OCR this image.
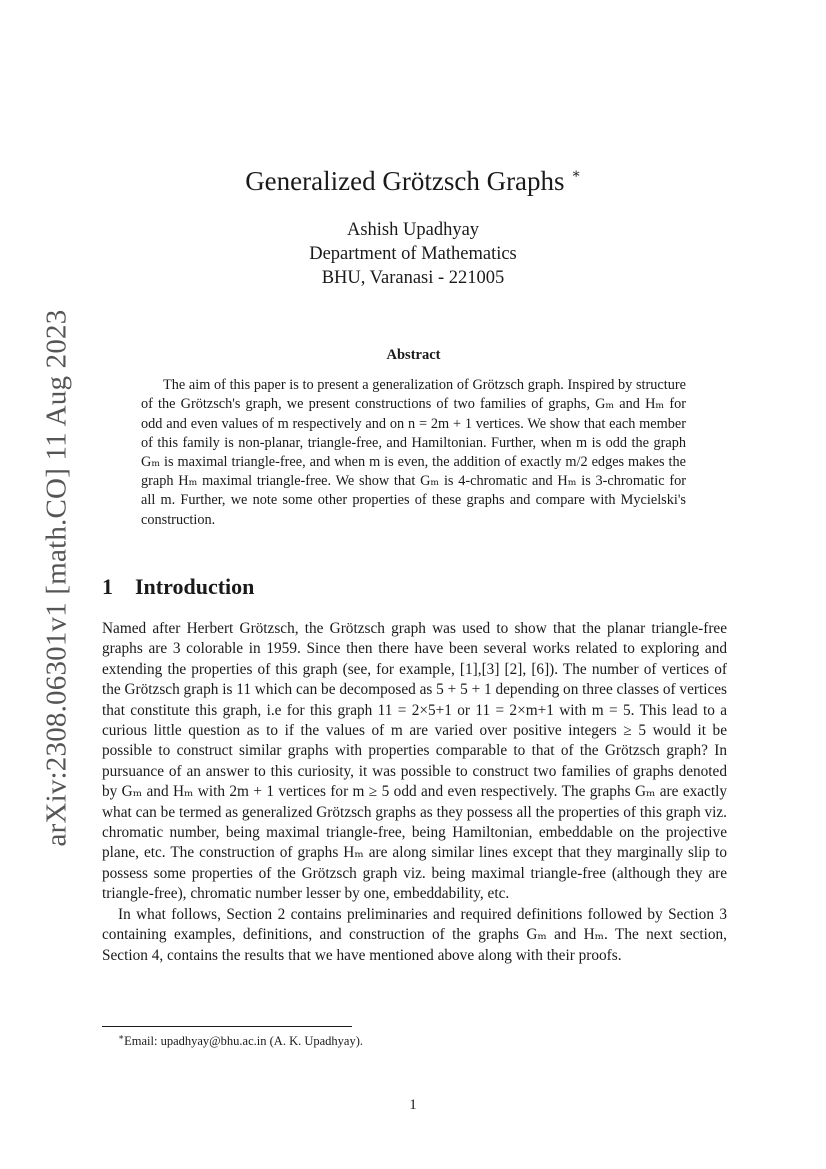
arXiv:2308.06301v1 [math.CO] 11 Aug 2023
Generalized Grötzsch Graphs ∗
Ashish Upadhyay
Department of Mathematics
BHU, Varanasi - 221005
Abstract

The aim of this paper is to present a generalization of Grötzsch graph. Inspired by structure of the Grötzsch's graph, we present constructions of two families of graphs, Gₘ and Hₘ for odd and even values of m respectively and on n = 2m + 1 vertices. We show that each member of this family is non-planar, triangle-free, and Hamiltonian. Further, when m is odd the graph Gₘ is maximal triangle-free, and when m is even, the addition of exactly m/2 edges makes the graph Hₘ maximal triangle-free. We show that Gₘ is 4-chromatic and Hₘ is 3-chromatic for all m. Further, we note some other properties of these graphs and compare with Mycielski's construction.

1 Introduction

Named after Herbert Grötzsch, the Grötzsch graph was used to show that the planar triangle-free graphs are 3 colorable in 1959. Since then there have been several works related to exploring and extending the properties of this graph (see, for example, [1],[3] [2], [6]). The number of vertices of the Grötzsch graph is 11 which can be decomposed as 5 + 5 + 1 depending on three classes of vertices that constitute this graph, i.e for this graph 11 = 2×5+1 or 11 = 2×m+1 with m = 5. This lead to a curious little question as to if the values of m are varied over positive integers ≥ 5 would it be possible to construct similar graphs with properties comparable to that of the Grötzsch graph? In pursuance of an answer to this curiosity, it was possible to construct two families of graphs denoted by Gₘ and Hₘ with 2m + 1 vertices for m ≥ 5 odd and even respectively. The graphs Gₘ are exactly what can be termed as generalized Grötzsch graphs as they possess all the properties of this graph viz. chromatic number, being maximal triangle-free, being Hamiltonian, embeddable on the projective plane, etc. The construction of graphs Hₘ are along similar lines except that they marginally slip to possess some properties of the Grötzsch graph viz. being maximal triangle-free (although they are triangle-free), chromatic number lesser by one, embeddability, etc.

In what follows, Section 2 contains preliminaries and required definitions followed by Section 3 containing examples, definitions, and construction of the graphs Gₘ and Hₘ. The next section, Section 4, contains the results that we have mentioned above along with their proofs.

∗Email: upadhyay@bhu.ac.in (A. K. Upadhyay).
1
